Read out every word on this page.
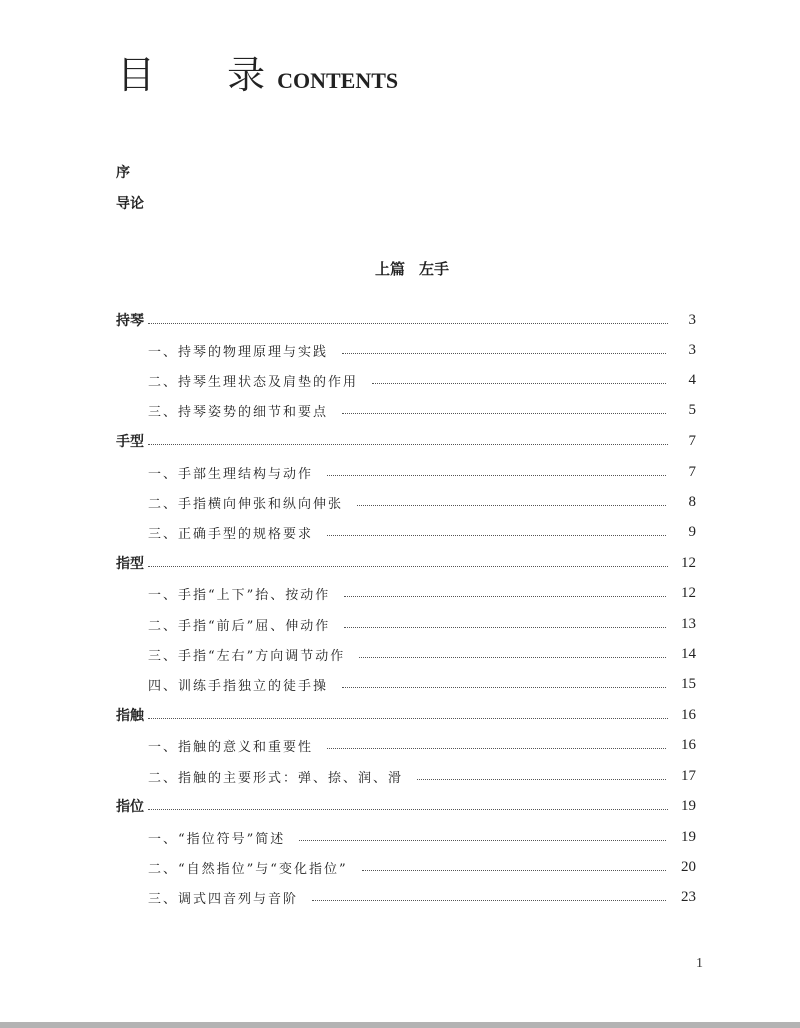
目 录
CONTENTS
序
导论
上篇 左手
持琴	3
一、持琴的物理原理与实践	3
二、持琴生理状态及肩垫的作用	4
三、持琴姿势的细节和要点	5
手型	7
一、手部生理结构与动作	7
二、手指横向伸张和纵向伸张	8
三、正确手型的规格要求	9
指型	12
一、手指“上下”抬、按动作	12
二、手指“前后”屈、伸动作	13
三、手指“左右”方向调节动作	14
四、训练手指独立的徒手操	15
指触	16
一、指触的意义和重要性	16
二、指触的主要形式：弹、捺、润、滑	17
指位	19
一、“指位符号”简述	19
二、“自然指位”与“变化指位”	20
三、调式四音列与音阶	23
1
